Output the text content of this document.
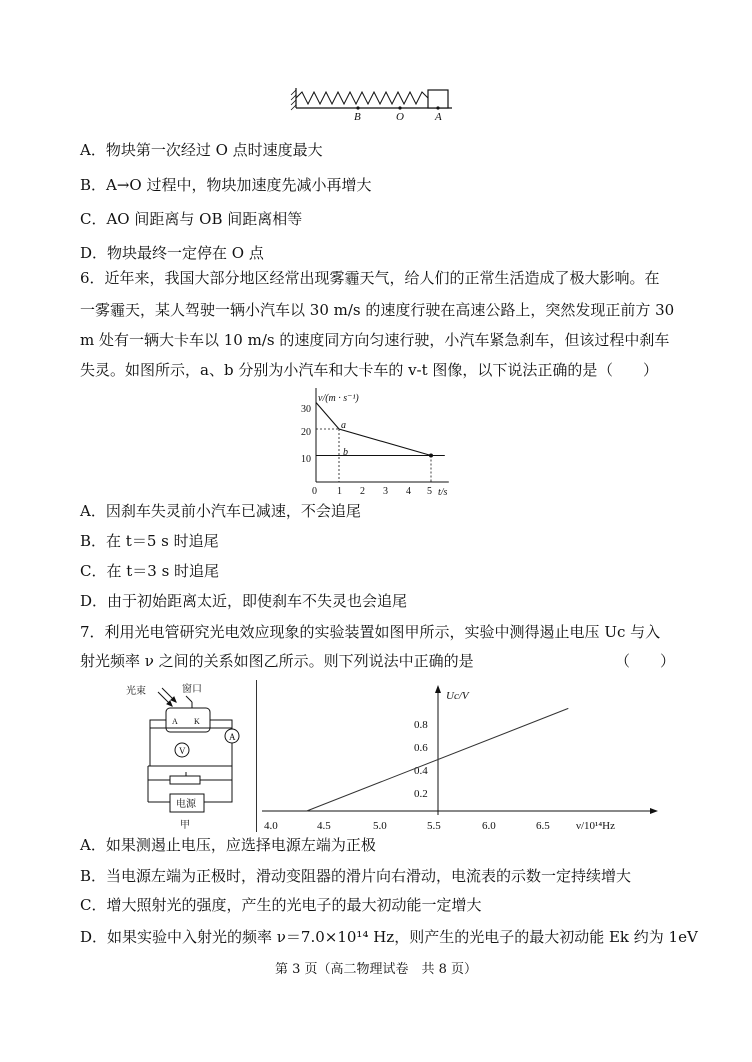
B	O	A
A．物块第一次经过 O 点时速度最大
B．A→O 过程中，物块加速度先减小再增大
C．AO 间距离与 OB 间距离相等
D．物块最终一定停在 O 点
6．近年来，我国大部分地区经常出现雾霾天气，给人们的正常生活造成了极大影响。在
一雾霾天，某人驾驶一辆小汽车以 30 m/s 的速度行驶在高速公路上，突然发现正前方 30
m 处有一辆大卡车以 10 m/s 的速度同方向匀速行驶，小汽车紧急刹车，但该过程中刹车
失灵。如图所示，a、b 分别为小汽车和大卡车的 v-t 图像，以下说法正确的是 （　　）
v/(m · s⁻¹)
t/s
0 1 2 3 4 5
10
20
30
a
b
A．因刹车失灵前小汽车已减速，不会追尾
B．在 t＝5 s 时追尾
C．在 t＝3 s 时追尾
D．由于初始距离太近，即使刹车不失灵也会追尾
7．利用光电管研究光电效应现象的实验装置如图甲所示，实验中测得遏止电压 Uc 与入
射光频率 ν 之间的关系如图乙所示。则下列说法中正确的是	（　　）
光束	窗口
A K
V
A
电源
甲
Uc/V
ν/10¹⁴Hz
4.0	4.5	5.0	5.5	6.0	6.5
0.2
0.4
0.6
0.8
A．如果测遏止电压，应选择电源左端为正极
B．当电源左端为正极时，滑动变阻器的滑片向右滑动，电流表的示数一定持续增大
C．增大照射光的强度，产生的光电子的最大初动能一定增大
D．如果实验中入射光的频率 ν＝7.0×10¹⁴ Hz，则产生的光电子的最大初动能 Ek 约为 1eV
第 3 页（高二物理试卷　共 8 页）
